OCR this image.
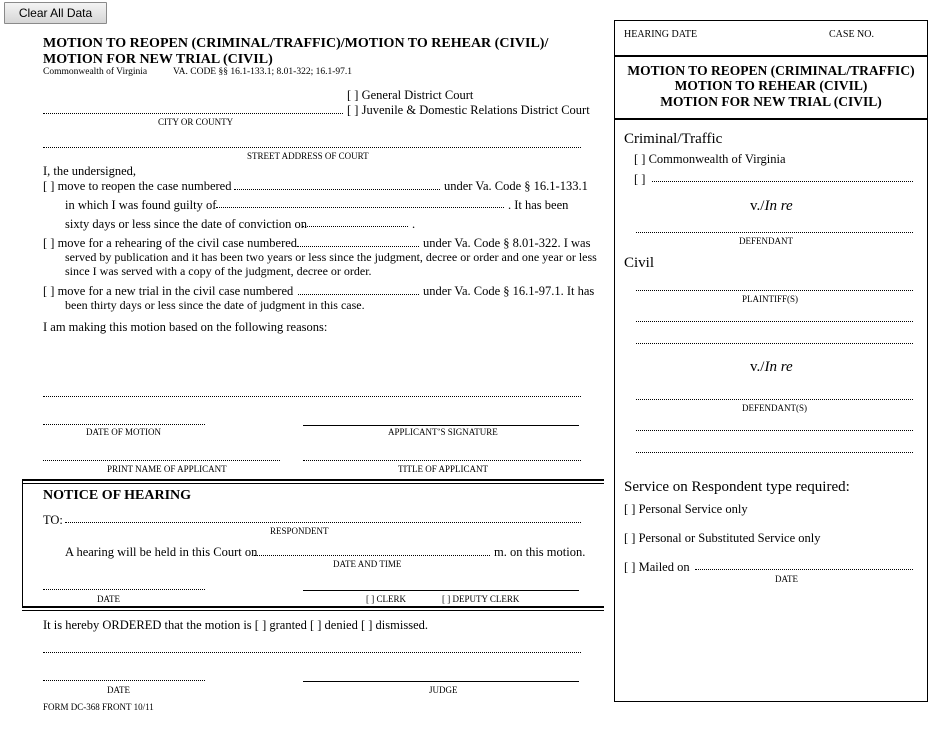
Clear All Data
MOTION TO REOPEN (CRIMINAL/TRAFFIC)/MOTION TO REHEAR (CIVIL)/
MOTION FOR NEW TRIAL (CIVIL)
Commonwealth of Virginia	VA. CODE §§ 16.1-133.1; 8.01-322; 16.1-97.1
[ ] General District Court
[ ] Juvenile & Domestic Relations District Court
CITY OR COUNTY
STREET ADDRESS OF COURT
I, the undersigned,
[ ] move to reopen the case numbered	under Va. Code § 16.1-133.1
in which I was found guilty of	. It has been
sixty days or less since the date of conviction on	.
[ ] move for a rehearing of the civil case numbered	under Va. Code § 8.01-322. I was
served by publication and it has been two years or less since the judgment, decree or order and one year or less
since I was served with a copy of the judgment, decree or order.
[ ] move for a new trial in the civil case numbered	under Va. Code § 16.1-97.1. It has
been thirty days or less since the date of judgment in this case.
I am making this motion based on the following reasons:
DATE OF MOTION	APPLICANT’S SIGNATURE
PRINT NAME OF APPLICANT	TITLE OF APPLICANT
NOTICE OF HEARING
TO:
RESPONDENT
A hearing will be held in this Court on	m. on this motion.
DATE AND TIME
DATE	[ ] CLERK	[ ] DEPUTY CLERK
It is hereby ORDERED that the motion is [ ] granted [ ] denied [ ] dismissed.
DATE	JUDGE
FORM DC-368 FRONT 10/11
HEARING DATE	CASE NO.
MOTION TO REOPEN (CRIMINAL/TRAFFIC)
MOTION TO REHEAR (CIVIL)
MOTION FOR NEW TRIAL (CIVIL)
Criminal/Traffic
[ ] Commonwealth of Virginia
[ ]
v./In re
DEFENDANT
Civil
PLAINTIFF(S)
v./In re
DEFENDANT(S)
Service on Respondent type required:
[ ] Personal Service only
[ ] Personal or Substituted Service only
[ ] Mailed on
DATE
